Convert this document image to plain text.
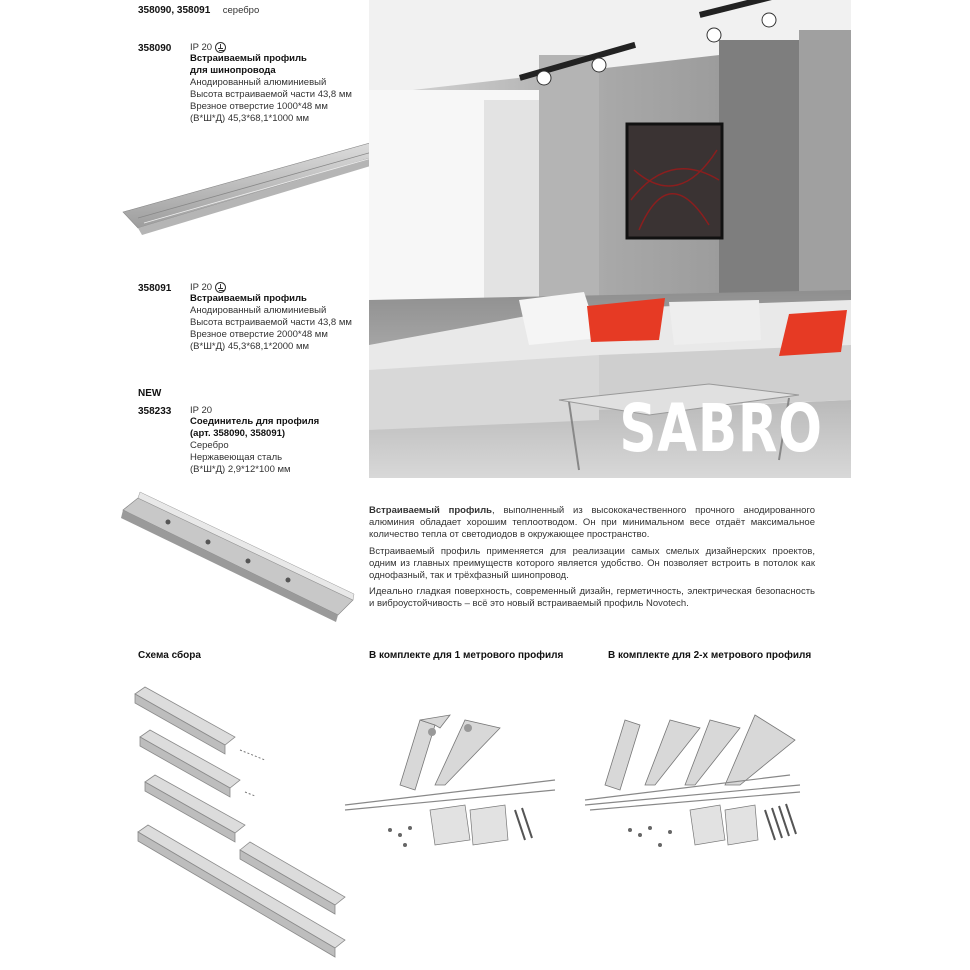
358090, 358091 серебро
358090 IP 20
Встраиваемый профиль
для шинопровода
Анодированный алюминиевый
Высота встраиваемой части 43,8 мм
Врезное отверстие 1000*48 мм
(В*Ш*Д) 45,3*68,1*1000 мм
358091 IP 20
Встраиваемый профиль
Анодированный алюминиевый
Высота встраиваемой части 43,8 мм
Врезное отверстие 2000*48 мм
(В*Ш*Д) 45,3*68,1*2000 мм
NEW
358233 IP 20
Соединитель для профиля
(арт. 358090, 358091)
Серебро
Нержавеющая сталь
(В*Ш*Д) 2,9*12*100 мм
SABRO

Встраиваемый профиль, выполненный из высококачественного прочного анодированного алюминия обладает хорошим теплоотводом. Он при минимальном весе отдаёт максимальное количество тепла от светодиодов в окружающее пространство.

Встраиваемый профиль применяется для реализации самых смелых дизайнерских проектов, одним из главных преимуществ которого является удобство. Он позволяет встроить в потолок как однофазный, так и трёхфазный шинопровод.

Идеально гладкая поверхность, современный дизайн, герметичность, электрическая безопасность и виброустойчивость – всё это новый встраиваемый профиль Novotech.

Схема сбора	В комплекте для 1 метрового профиля	В комплекте для 2-х метрового профиля
